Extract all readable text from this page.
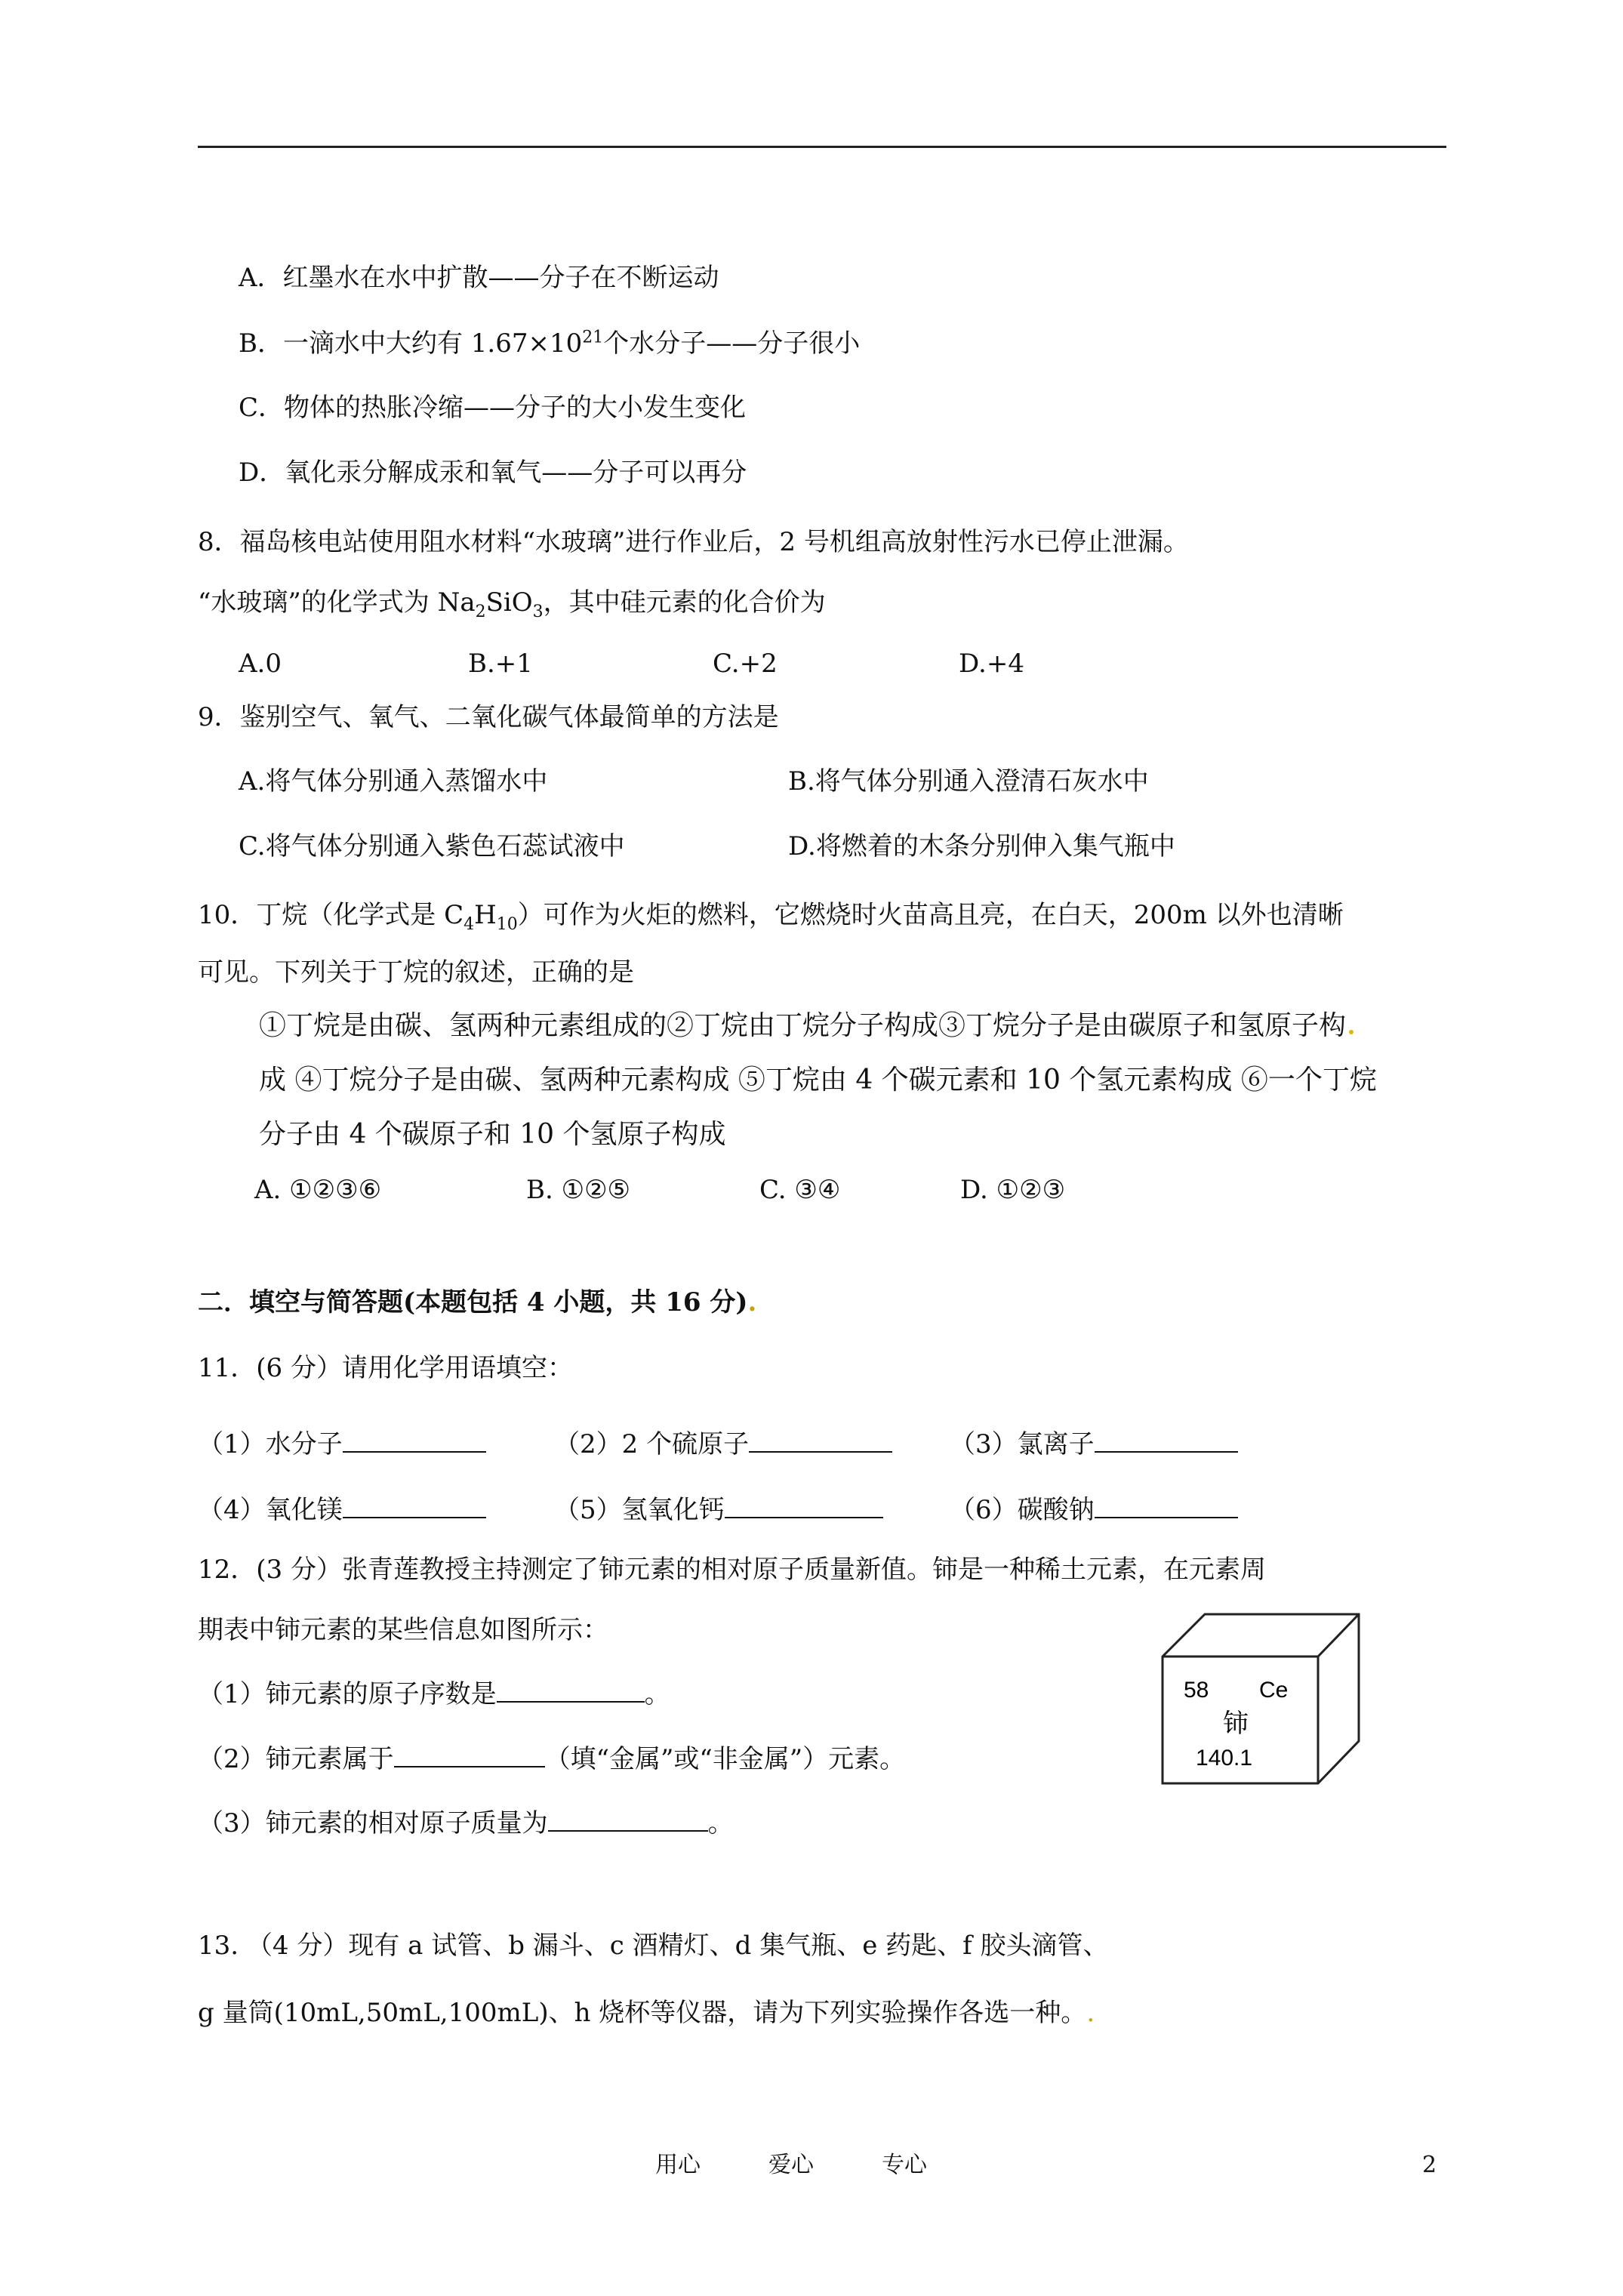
A．红墨水在水中扩散——分子在不断运动
B．一滴水中大约有 $1.67\times 10^{21}$个水分子——分子很小
C．物体的热胀冷缩——分子的大小发生变化
D．氧化汞分解成汞和氧气——分子可以再分
8．福岛核电站使用阻水材料“水玻璃”进行作业后，2 号机组高放射性污水已停止泄漏。
“水玻璃”的化学式为 $Na_2SiO_3$，其中硅元素的化合价为
A.0	B.+1	C.+2	D.+4
9．鉴别空气、氧气、二氧化碳气体最简单的方法是
A.将气体分别通入蒸馏水中	B.将气体分别通入澄清石灰水中
C.将气体分别通入紫色石蕊试液中	D.将燃着的木条分别伸入集气瓶中
10．丁烷（化学式是 $C_4H_{10}$）可作为火炬的燃料，它燃烧时火苗高且亮，在白天，200m 以外也清晰
可见。下列关于丁烷的叙述，正确的是
①丁烷是由碳、氢两种元素组成的②丁烷由丁烷分子构成③丁烷分子是由碳原子和氢原子构
成 ④丁烷分子是由碳、氢两种元素构成 ⑤丁烷由 4 个碳元素和 10 个氢元素构成 ⑥一个丁烷
分子由 4 个碳原子和 10 个氢原子构成
A. ①②③⑥	B. ①②⑤	C. ③④	D. ①②③
二．填空与简答题(本题包括 4 小题，共 16 分).
11．(6 分）请用化学用语填空：
（1）水分子	（2）2 个硫原子	（3）氯离子
（4）氧化镁	（5）氢氧化钙	（6）碳酸钠
12．(3 分）张青莲教授主持测定了铈元素的相对原子质量新值。铈是一种稀土元素，在元素周
期表中铈元素的某些信息如图所示：
（1）铈元素的原子序数是	。
（2）铈元素属于	（填“金属”或“非金属”）元素。
（3）铈元素的相对原子质量为	。
58 Ce
铈
140.1
13. （4 分）现有 a 试管、b 漏斗、c 酒精灯、d 集气瓶、e 药匙、f 胶头滴管、
g 量筒(10mL,50mL,100mL)、h 烧杯等仪器，请为下列实验操作各选一种。.
用心	爱心	专心	2
